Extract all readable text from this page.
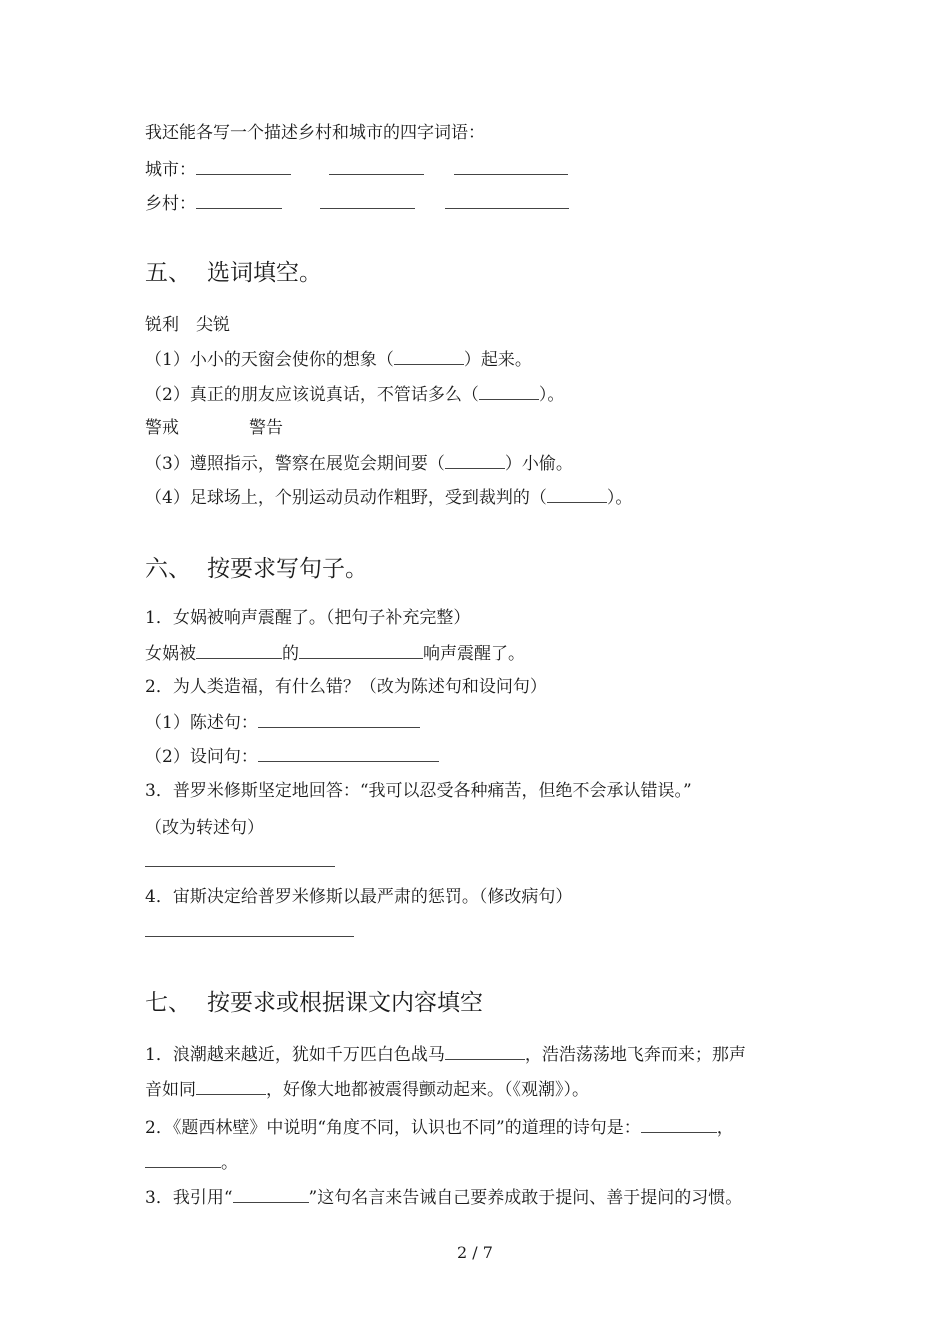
我还能各写一个描述乡村和城市的四字词语：
城市：
乡村：
五、 选词填空。
锐利 尖锐
（1）小小的天窗会使你的想象（	）起来。
（2）真正的朋友应该说真话，不管话多么（	）。
警戒	警告
（3）遵照指示，警察在展览会期间要（	）小偷。
（4）足球场上，个别运动员动作粗野，受到裁判的（	）。
六、 按要求写句子。
1．女娲被响声震醒了。（把句子补充完整）
女娲被	的	响声震醒了。
2．为人类造福，有什么错？（改为陈述句和设问句）
（1）陈述句：
（2）设问句：
3．普罗米修斯坚定地回答：“我可以忍受各种痛苦，但绝不会承认错误。”
（改为转述句）
4．宙斯决定给普罗米修斯以最严肃的惩罚。（修改病句）
七、 按要求或根据课文内容填空
1．浪潮越来越近，犹如千万匹白色战马	，浩浩荡荡地飞奔而来；那声
音如同	，好像大地都被震得颤动起来。（《观潮》）。
2．《题西林壁》中说明“角度不同，认识也不同”的道理的诗句是：	，
。
3．我引用“	”这句名言来告诫自己要养成敢于提问、善于提问的习惯。
2 / 7
